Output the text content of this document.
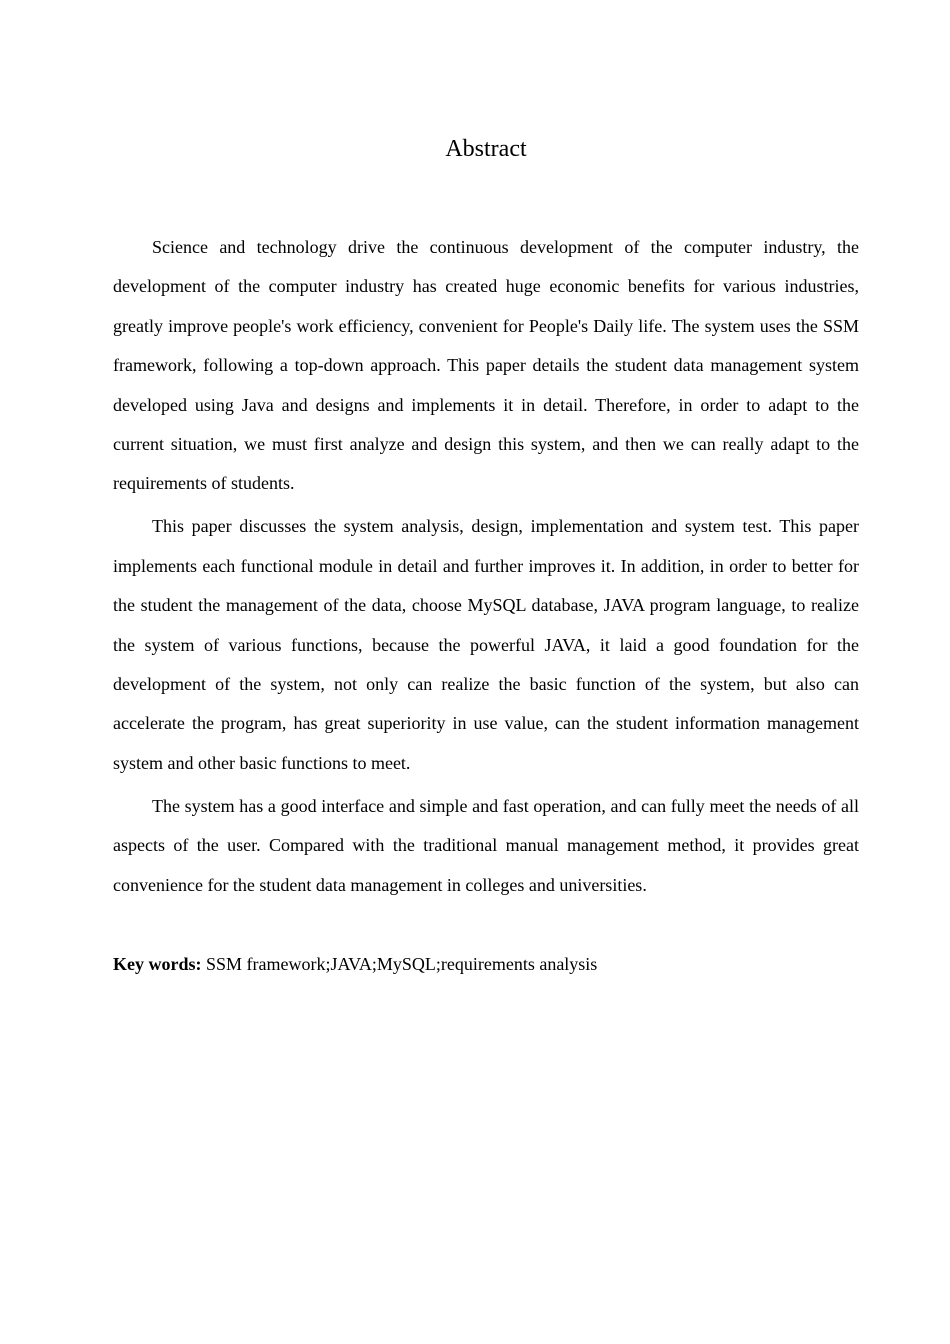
Abstract

Science and technology drive the continuous development of the computer industry, the development of the computer industry has created huge economic benefits for various industries, greatly improve people's work efficiency, convenient for People's Daily life. The system uses the SSM framework, following a top-down approach. This paper details the student data management system developed using Java and designs and implements it in detail. Therefore, in order to adapt to the current situation, we must first analyze and design this system, and then we can really adapt to the requirements of students.

This paper discusses the system analysis, design, implementation and system test. This paper implements each functional module in detail and further improves it. In addition, in order to better for the student the management of the data, choose MySQL database, JAVA program language, to realize the system of various functions, because the powerful JAVA, it laid a good foundation for the development of the system, not only can realize the basic function of the system, but also can accelerate the program, has great superiority in use value, can the student information management system and other basic functions to meet.

The system has a good interface and simple and fast operation, and can fully meet the needs of all aspects of the user. Compared with the traditional manual management method, it provides great convenience for the student data management in colleges and universities.

Key words: SSM framework;JAVA;MySQL;requirements analysis
